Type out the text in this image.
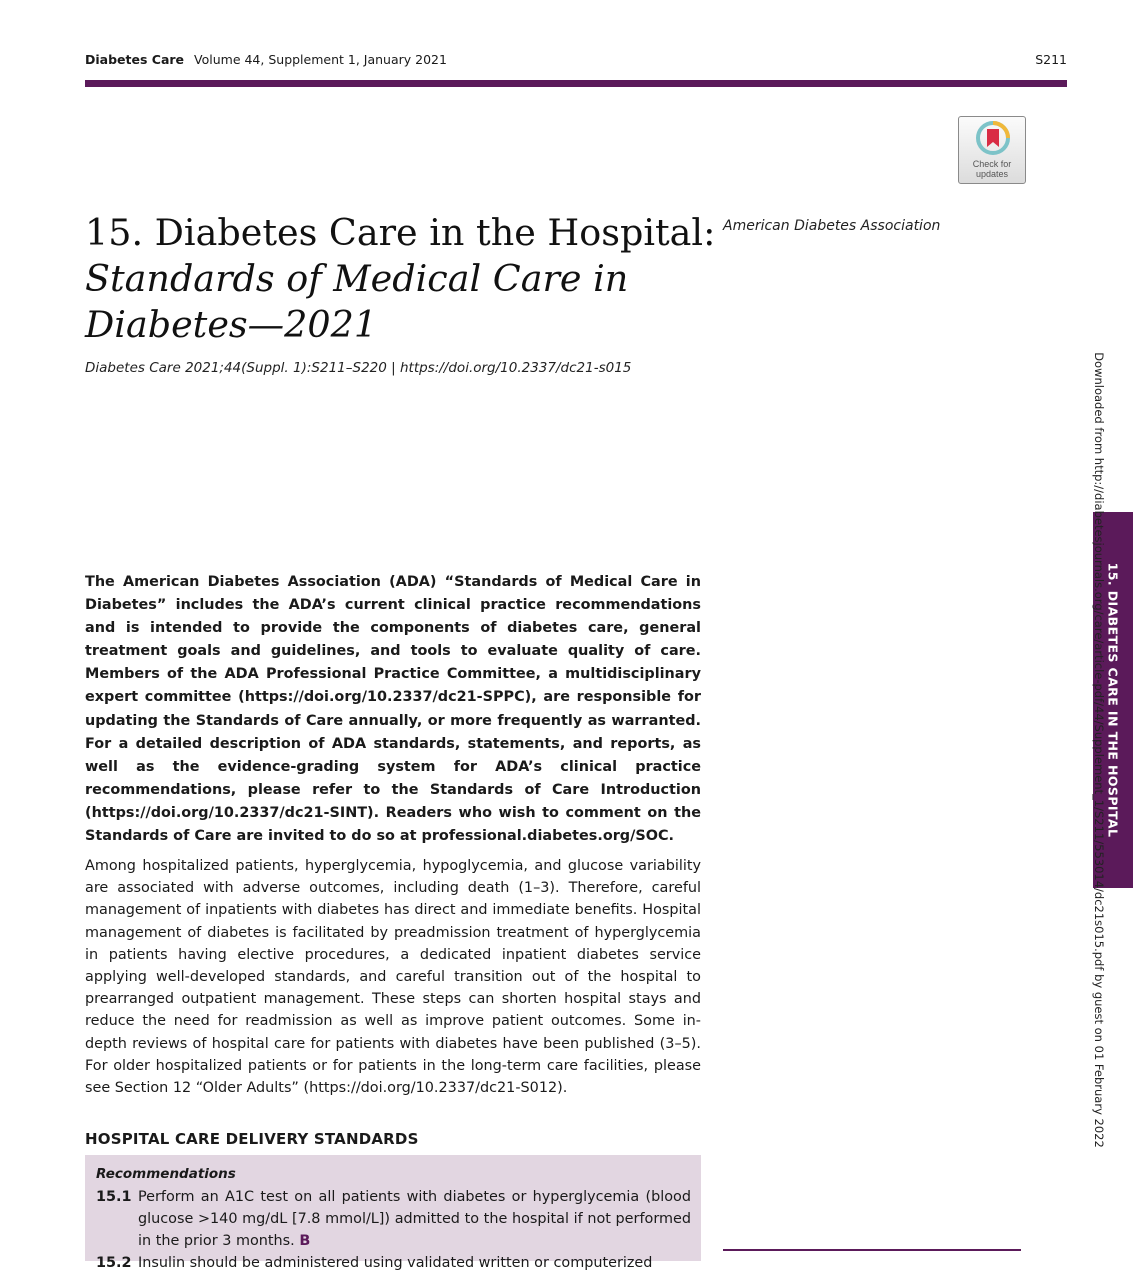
Diabetes Care Volume 44, Supplement 1, January 2021	S211
Check for
updates
15. Diabetes Care in the Hospital:
Standards of Medical Care in Diabetes—2021
American Diabetes Association
Diabetes Care 2021;44(Suppl. 1):S211–S220 | https://doi.org/10.2337/dc21-s015

The American Diabetes Association (ADA) “Standards of Medical Care in Diabetes” includes the ADA’s current clinical practice recommendations and is intended to provide the components of diabetes care, general treatment goals and guidelines, and tools to evaluate quality of care. Members of the ADA Professional Practice Committee, a multidisciplinary expert committee (https://doi.org/10.2337/dc21-SPPC), are responsible for updating the Standards of Care annually, or more frequently as warranted. For a detailed description of ADA standards, statements, and reports, as well as the evidence-grading system for ADA’s clinical practice recommendations, please refer to the Standards of Care Introduction (https://doi.org/10.2337/dc21-SINT). Readers who wish to comment on the Standards of Care are invited to do so at professional.diabetes.org/SOC.

Among hospitalized patients, hyperglycemia, hypoglycemia, and glucose variability are associated with adverse outcomes, including death (1–3). Therefore, careful management of inpatients with diabetes has direct and immediate benefits. Hospital management of diabetes is facilitated by preadmission treatment of hyperglycemia in patients having elective procedures, a dedicated inpatient diabetes service applying well-developed standards, and careful transition out of the hospital to prearranged outpatient management. These steps can shorten hospital stays and reduce the need for readmission as well as improve patient outcomes. Some in-depth reviews of hospital care for patients with diabetes have been published (3–5). For older hospitalized patients or for patients in the long-term care facilities, please see Section 12 “Older Adults” (https://doi.org/10.2337/dc21-S012).

HOSPITAL CARE DELIVERY STANDARDS
Recommendations
15.1 Perform an A1C test on all patients with diabetes or hyperglycemia (blood glucose >140 mg/dL [7.8 mmol/L]) admitted to the hospital if not performed in the prior 3 months. B
15.2 Insulin should be administered using validated written or computerized
15. DIABETES CARE IN THE HOSPITAL
Downloaded from http://diabetesjournals.org/care/article-pdf/44/Supplement_1/S211/553014/dc21s015.pdf by guest on 01 February 2022
